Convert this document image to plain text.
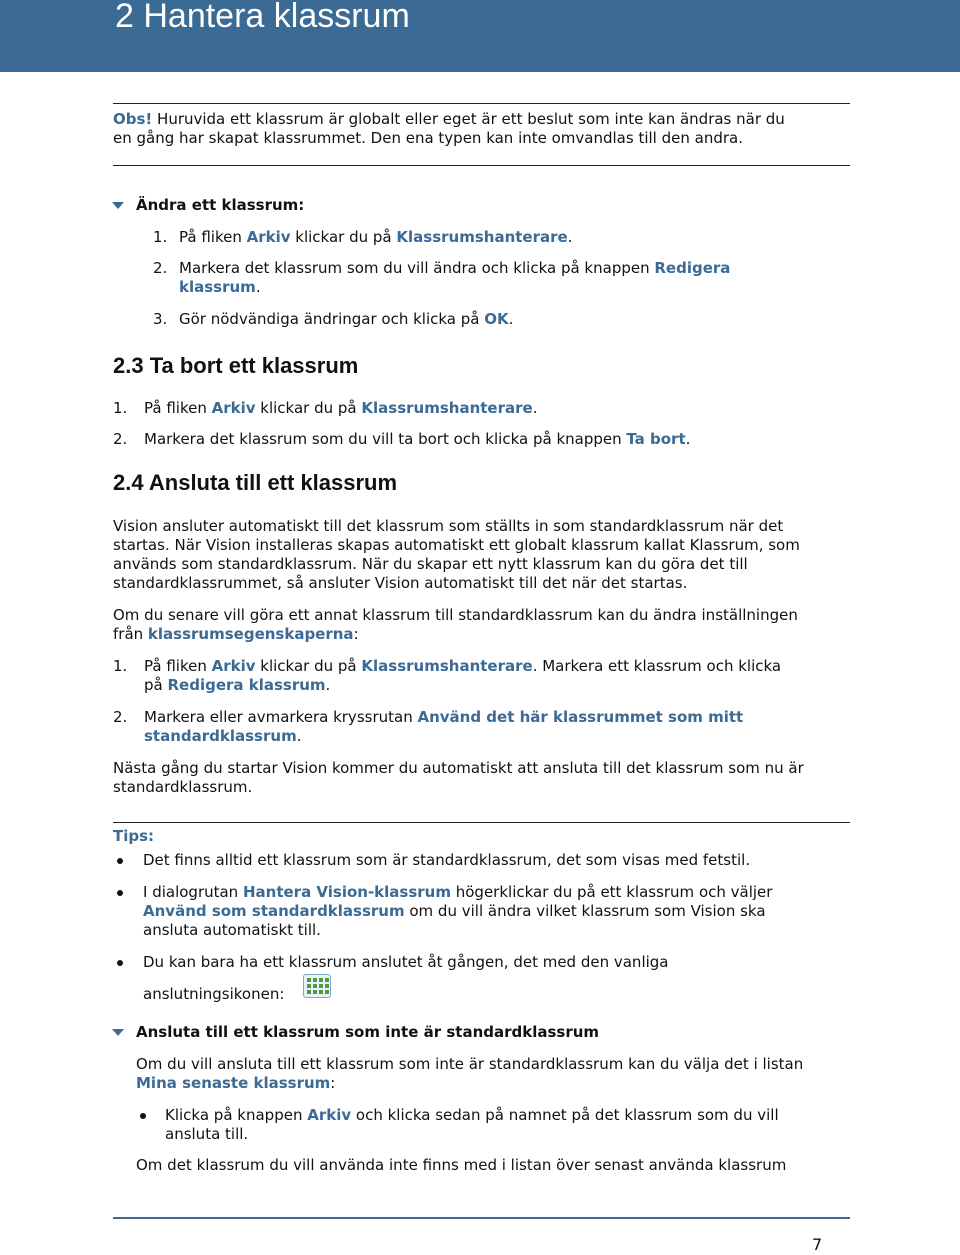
2 Hantera klassrum
Obs! Huruvida ett klassrum är globalt eller eget är ett beslut som inte kan ändras när du
en gång har skapat klassrummet. Den ena typen kan inte omvandlas till den andra.
Ändra ett klassrum:
1. På fliken Arkiv klickar du på Klassrumshanterare.
2. Markera det klassrum som du vill ändra och klicka på knappen Redigera
klassrum.
3. Gör nödvändiga ändringar och klicka på OK.
2.3 Ta bort ett klassrum
1. På fliken Arkiv klickar du på Klassrumshanterare.
2. Markera det klassrum som du vill ta bort och klicka på knappen Ta bort.
2.4 Ansluta till ett klassrum
Vision ansluter automatiskt till det klassrum som ställts in som standardklassrum när det
startas. När Vision installeras skapas automatiskt ett globalt klassrum kallat Klassrum, som
används som standardklassrum. När du skapar ett nytt klassrum kan du göra det till
standardklassrummet, så ansluter Vision automatiskt till det när det startas.
Om du senare vill göra ett annat klassrum till standardklassrum kan du ändra inställningen
från klassrumsegenskaperna:
1. På fliken Arkiv klickar du på Klassrumshanterare. Markera ett klassrum och klicka
på Redigera klassrum.
2. Markera eller avmarkera kryssrutan Använd det här klassrummet som mitt
standardklassrum.
Nästa gång du startar Vision kommer du automatiskt att ansluta till det klassrum som nu är
standardklassrum.
Tips:
Det finns alltid ett klassrum som är standardklassrum, det som visas med fetstil.
I dialogrutan Hantera Vision-klassrum högerklickar du på ett klassrum och väljer
Använd som standardklassrum om du vill ändra vilket klassrum som Vision ska
ansluta automatiskt till.
Du kan bara ha ett klassrum anslutet åt gången, det med den vanliga
anslutningsikonen:
Ansluta till ett klassrum som inte är standardklassrum
Om du vill ansluta till ett klassrum som inte är standardklassrum kan du välja det i listan
Mina senaste klassrum:
Klicka på knappen Arkiv och klicka sedan på namnet på det klassrum som du vill
ansluta till.
Om det klassrum du vill använda inte finns med i listan över senast använda klassrum
7
